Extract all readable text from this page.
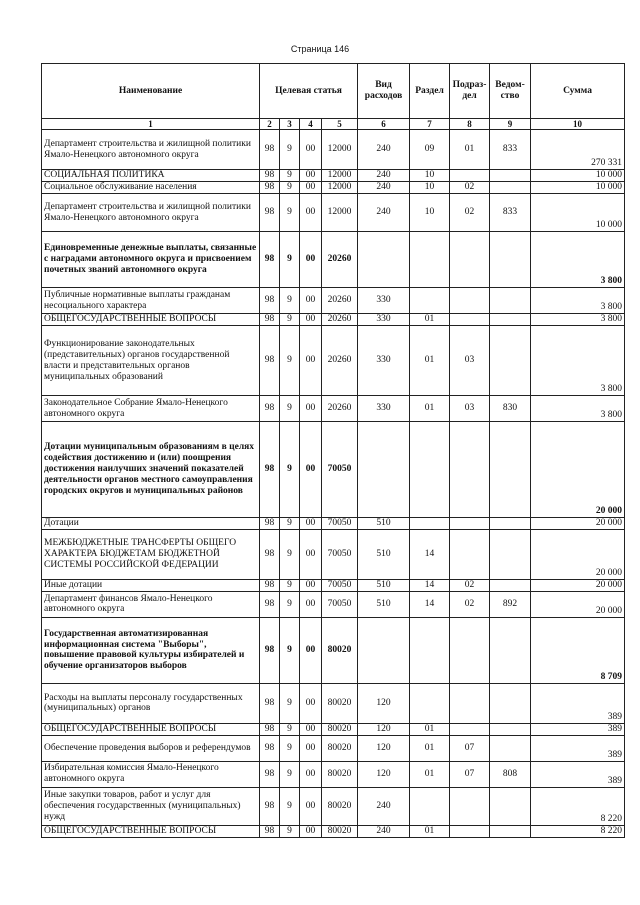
Страница 146
Наименование	Целевая статья				Вид расходов	Раздел	Подраз- дел	Ведом- ство	Сумма
1	2	3	4	5	6	7	8	9	10
Департамент строительства и жилищной политики Ямало-Ненецкого автономного округа	98	9	00	12000	240	09	01	833	270 331
СОЦИАЛЬНАЯ ПОЛИТИКА	98	9	00	12000	240	10			10 000
Социальное обслуживание населения	98	9	00	12000	240	10	02		10 000
Департамент строительства и жилищной политики Ямало-Ненецкого автономного округа	98	9	00	12000	240	10	02	833	10 000
Единовременные денежные выплаты, связанные с наградами автономного округа и присвоением почетных званий автономного округа	98	9	00	20260					3 800
Публичные нормативные выплаты гражданам несоциального характера	98	9	00	20260	330				3 800
ОБЩЕГОСУДАРСТВЕННЫЕ ВОПРОСЫ	98	9	00	20260	330	01			3 800
Функционирование законодательных (представительных) органов государственной власти и представительных органов муниципальных образований	98	9	00	20260	330	01	03		3 800
Законодательное Собрание Ямало-Ненецкого автономного округа	98	9	00	20260	330	01	03	830	3 800
Дотации муниципальным образованиям в целях содействия достижению и (или) поощрения достижения наилучших значений показателей деятельности органов местного самоуправления городских округов и муниципальных районов	98	9	00	70050					20 000
Дотации	98	9	00	70050	510				20 000
МЕЖБЮДЖЕТНЫЕ ТРАНСФЕРТЫ ОБЩЕГО ХАРАКТЕРА БЮДЖЕТАМ БЮДЖЕТНОЙ СИСТЕМЫ РОССИЙСКОЙ ФЕДЕРАЦИИ	98	9	00	70050	510	14			20 000
Иные дотации	98	9	00	70050	510	14	02		20 000
Департамент финансов Ямало-Ненецкого автономного округа	98	9	00	70050	510	14	02	892	20 000
Государственная автоматизированная информационная система "Выборы", повышение правовой культуры избирателей и обучение организаторов выборов	98	9	00	80020					8 709
Расходы на выплаты персоналу государственных (муниципальных) органов	98	9	00	80020	120				389
ОБЩЕГОСУДАРСТВЕННЫЕ ВОПРОСЫ	98	9	00	80020	120	01			389
Обеспечение проведения выборов и референдумов	98	9	00	80020	120	01	07		389
Избирательная комиссия Ямало-Ненецкого автономного округа	98	9	00	80020	120	01	07	808	389
Иные закупки товаров, работ и услуг для обеспечения государственных (муниципальных) нужд	98	9	00	80020	240				8 220
ОБЩЕГОСУДАРСТВЕННЫЕ ВОПРОСЫ	98	9	00	80020	240	01			8 220
